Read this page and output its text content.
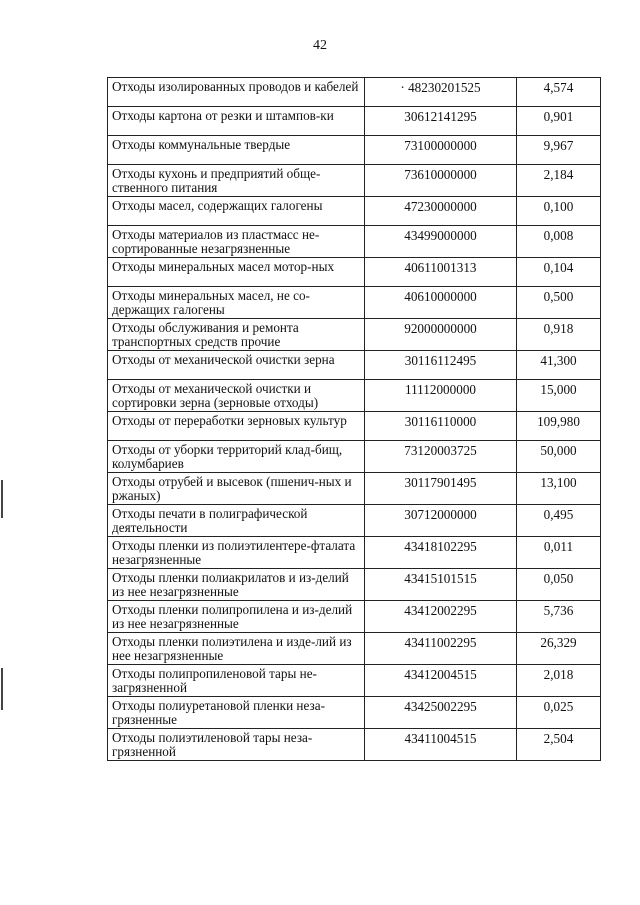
42
Отходы изолированных проводов и кабелей	· 48230201525	4,574
Отходы картона от резки и штампов-ки	30612141295	0,901
Отходы коммунальные твердые	73100000000	9,967
Отходы кухонь и предприятий обще-ственного питания	73610000000	2,184
Отходы масел, содержащих галогены	47230000000	0,100
Отходы материалов из пластмасс не-сортированные незагрязненные	43499000000	0,008
Отходы минеральных масел мотор-ных	40611001313	0,104
Отходы минеральных масел, не со-держащих галогены	40610000000	0,500
Отходы обслуживания и ремонта транспортных средств прочие	92000000000	0,918
Отходы от механической очистки зерна	30116112495	41,300
Отходы от механической очистки и сортировки зерна (зерновые отходы)	11112000000	15,000
Отходы от переработки зерновых культур	30116110000	109,980
Отходы от уборки территорий клад-бищ, колумбариев	73120003725	50,000
Отходы отрубей и высевок (пшенич-ных и ржаных)	30117901495	13,100
Отходы печати в полиграфической деятельности	30712000000	0,495
Отходы пленки из полиэтилентере-фталата незагрязненные	43418102295	0,011
Отходы пленки полиакрилатов и из-делий из нее незагрязненные	43415101515	0,050
Отходы пленки полипропилена и из-делий из нее незагрязненные	43412002295	5,736
Отходы пленки полиэтилена и изде-лий из нее незагрязненные	43411002295	26,329
Отходы полипропиленовой тары не-загрязненной	43412004515	2,018
Отходы полиуретановой пленки неза-грязненные	43425002295	0,025
Отходы полиэтиленовой тары неза-грязненной	43411004515	2,504
